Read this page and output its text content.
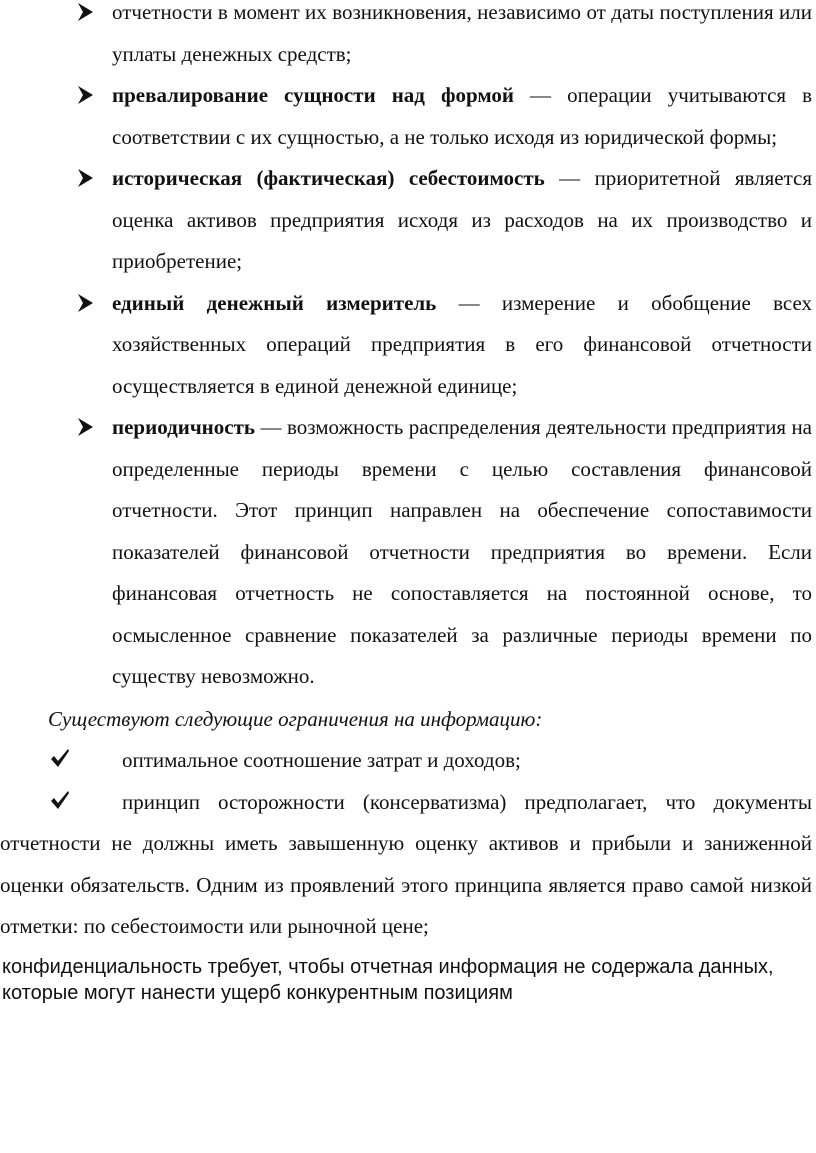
отчетности в момент их возникновения, независимо от даты поступления или уплаты денежных средств;
превалирование сущности над формой — операции учитываются в соответствии с их сущностью, а не только исходя из юридической формы;
историческая (фактическая) себестоимость — приоритетной является оценка активов предприятия исходя из расходов на их производство и приобретение;
единый денежный измеритель — измерение и обобщение всех хозяйственных операций предприятия в его финансовой отчетности осуществляется в единой денежной единице;
периодичность — возможность распределения деятельности предприятия на определенные периоды времени с целью составления финансовой отчетности. Этот принцип направлен на обеспечение сопоставимости показателей финансовой отчетности предприятия во времени. Если финансовая отчетность не сопоставляется на постоянной основе, то осмысленное сравнение показателей за различные периоды времени по существу невозможно.
Существуют следующие ограничения на информацию:
оптимальное соотношение затрат и доходов;
принцип осторожности (консерватизма) предполагает, что документы отчетности не должны иметь завышенную оценку активов и прибыли и заниженной оценки обязательств. Одним из проявлений этого принципа является право самой низкой отметки: по себестоимости или рыночной цене;
конфиденциальность требует, чтобы отчетная информация не содержала данных, которые могут нанести ущерб конкурентным позициям
